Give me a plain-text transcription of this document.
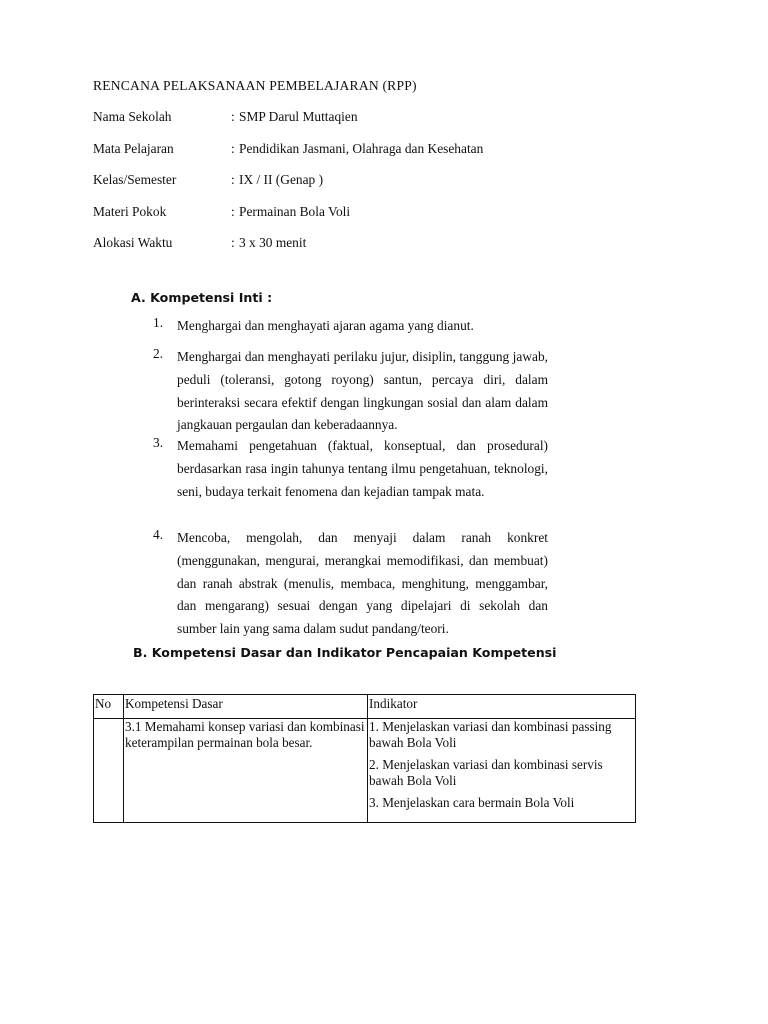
RENCANA PELAKSANAAN PEMBELAJARAN (RPP)
Nama Sekolah	: SMP Darul Muttaqien
Mata Pelajaran	: Pendidikan Jasmani, Olahraga dan Kesehatan
Kelas/Semester	: IX / II (Genap )
Materi Pokok	: Permainan Bola Voli
Alokasi Waktu	: 3 x 30 menit
A. Kompetensi Inti :
1. Menghargai dan menghayati ajaran agama yang dianut.
2. Menghargai dan menghayati perilaku jujur, disiplin, tanggung jawab, peduli (toleransi, gotong royong) santun, percaya diri, dalam berinteraksi secara efektif dengan lingkungan sosial dan alam dalam jangkauan pergaulan dan keberadaannya.
3. Memahami pengetahuan (faktual, konseptual, dan prosedural) berdasarkan rasa ingin tahunya tentang ilmu pengetahuan, teknologi, seni, budaya terkait fenomena dan kejadian tampak mata.
4. Mencoba, mengolah, dan menyaji dalam ranah konkret (menggunakan, mengurai, merangkai memodifikasi, dan membuat) dan ranah abstrak (menulis, membaca, menghitung, menggambar, dan mengarang) sesuai dengan yang dipelajari di sekolah dan sumber lain yang sama dalam sudut pandang/teori.
B. Kompetensi Dasar dan Indikator Pencapaian Kompetensi
No	Kompetensi Dasar	Indikator
	3.1 Memahami konsep variasi dan kombinasi keterampilan permainan bola besar.	1. Menjelaskan variasi dan kombinasi passing bawah Bola Voli
2. Menjelaskan variasi dan kombinasi servis bawah Bola Voli
3. Menjelaskan cara bermain Bola Voli
